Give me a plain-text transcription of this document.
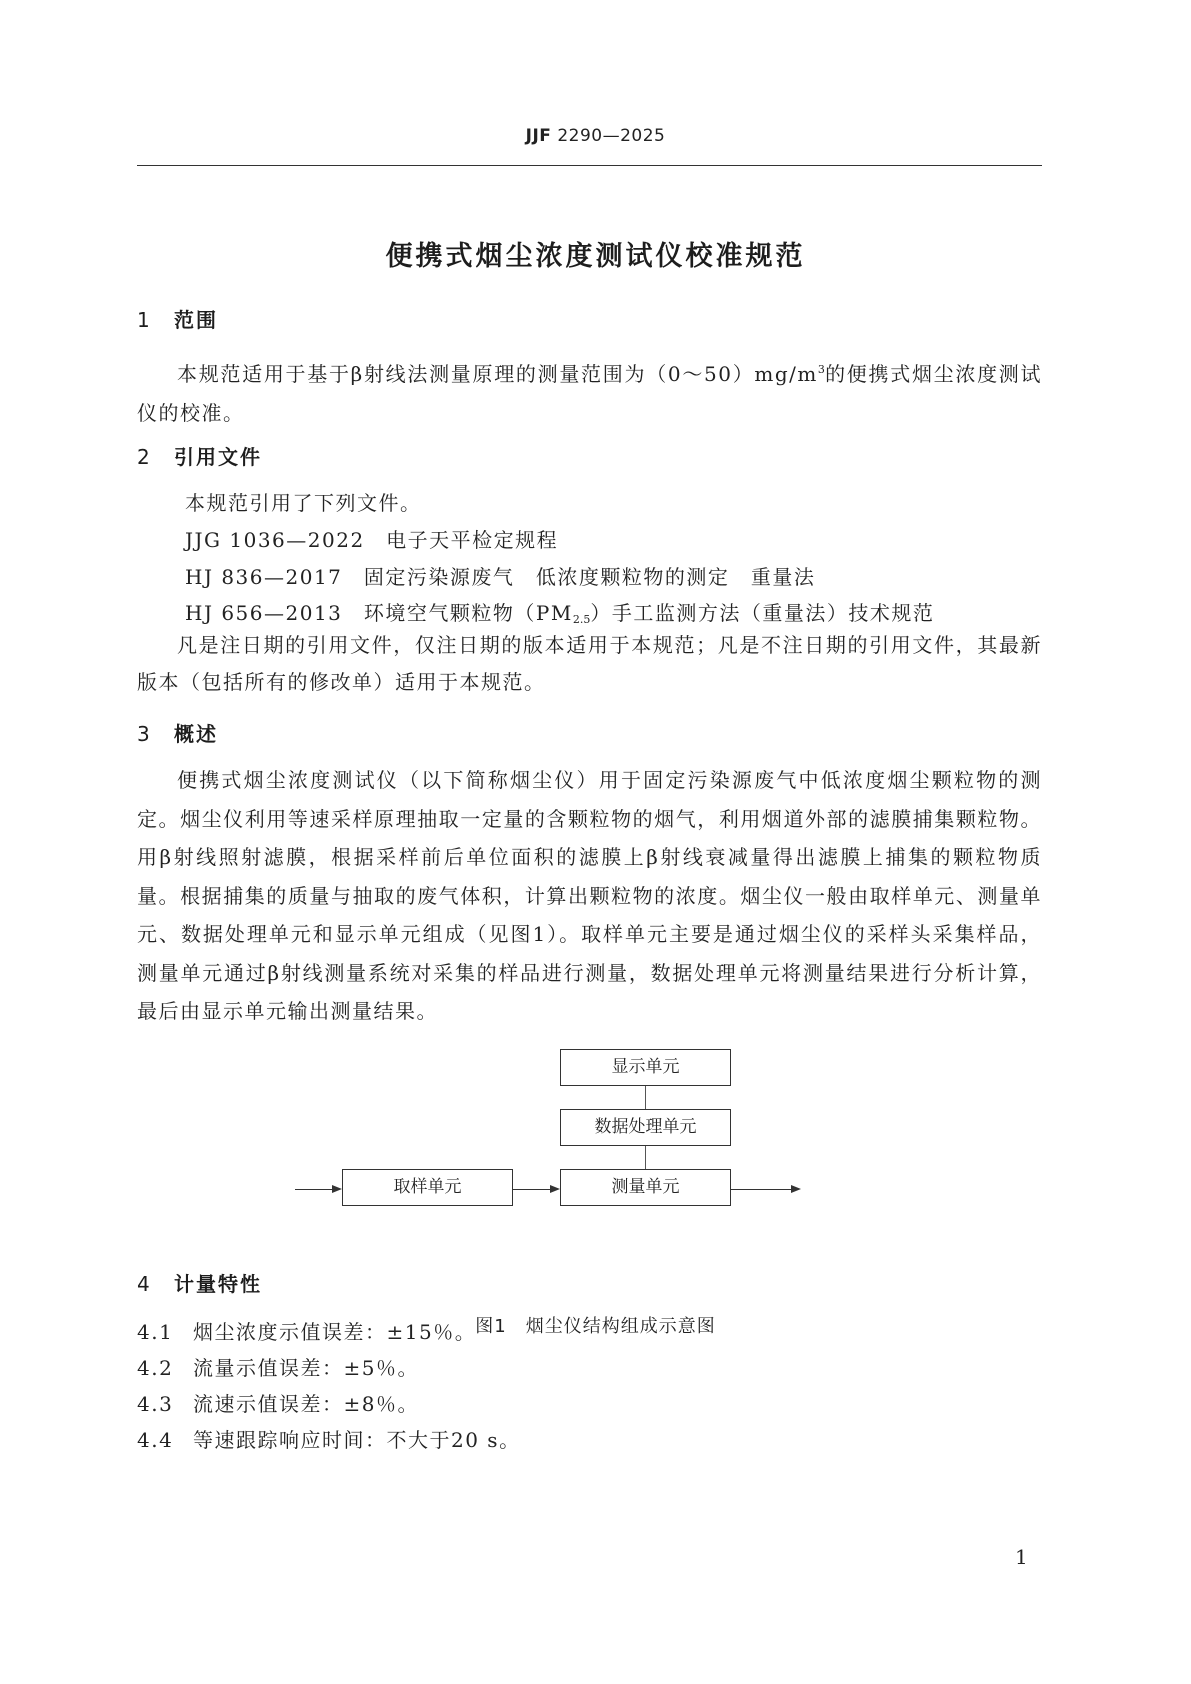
JJF 2290—2025
便携式烟尘浓度测试仪校准规范
1 范围
本规范适用于基于β射线法测量原理的测量范围为$(0\sim 50)mg/m^3$的便携式烟尘浓度测试仪的校准。
2 引用文件
本规范引用了下列文件。
JJG 1036—2022　电子天平检定规程
HJ 836—2017　固定污染源废气　低浓度颗粒物的测定　重量法
HJ 656—2013　环境空气颗粒物$(PM_{2.5})$手工监测方法（重量法）技术规范
凡是注日期的引用文件，仅注日期的版本适用于本规范；凡是不注日期的引用文件，其最新版本（包括所有的修改单）适用于本规范。
3 概述
便携式烟尘浓度测试仪（以下简称烟尘仪）用于固定污染源废气中低浓度烟尘颗粒物的测定。烟尘仪利用等速采样原理抽取一定量的含颗粒物的烟气，利用烟道外部的滤膜捕集颗粒物。用β射线照射滤膜，根据采样前后单位面积的滤膜上β射线衰减量得出滤膜上捕集的颗粒物质量。根据捕集的质量与抽取的废气体积，计算出颗粒物的浓度。烟尘仪一般由取样单元、测量单元、数据处理单元和显示单元组成（见图1）。取样单元主要是通过烟尘仪的采样头采集样品，测量单元通过β射线测量系统对采集的样品进行测量，数据处理单元将测量结果进行分析计算，最后由显示单元输出测量结果。
显示单元
数据处理单元
取样单元	测量单元
图1　烟尘仪结构组成示意图
4 计量特性
4.1 烟尘浓度示值误差：±15％。
4.2 流量示值误差：±5％。
4.3 流速示值误差：±8％。
4.4 等速跟踪响应时间：不大于20 s。
1
